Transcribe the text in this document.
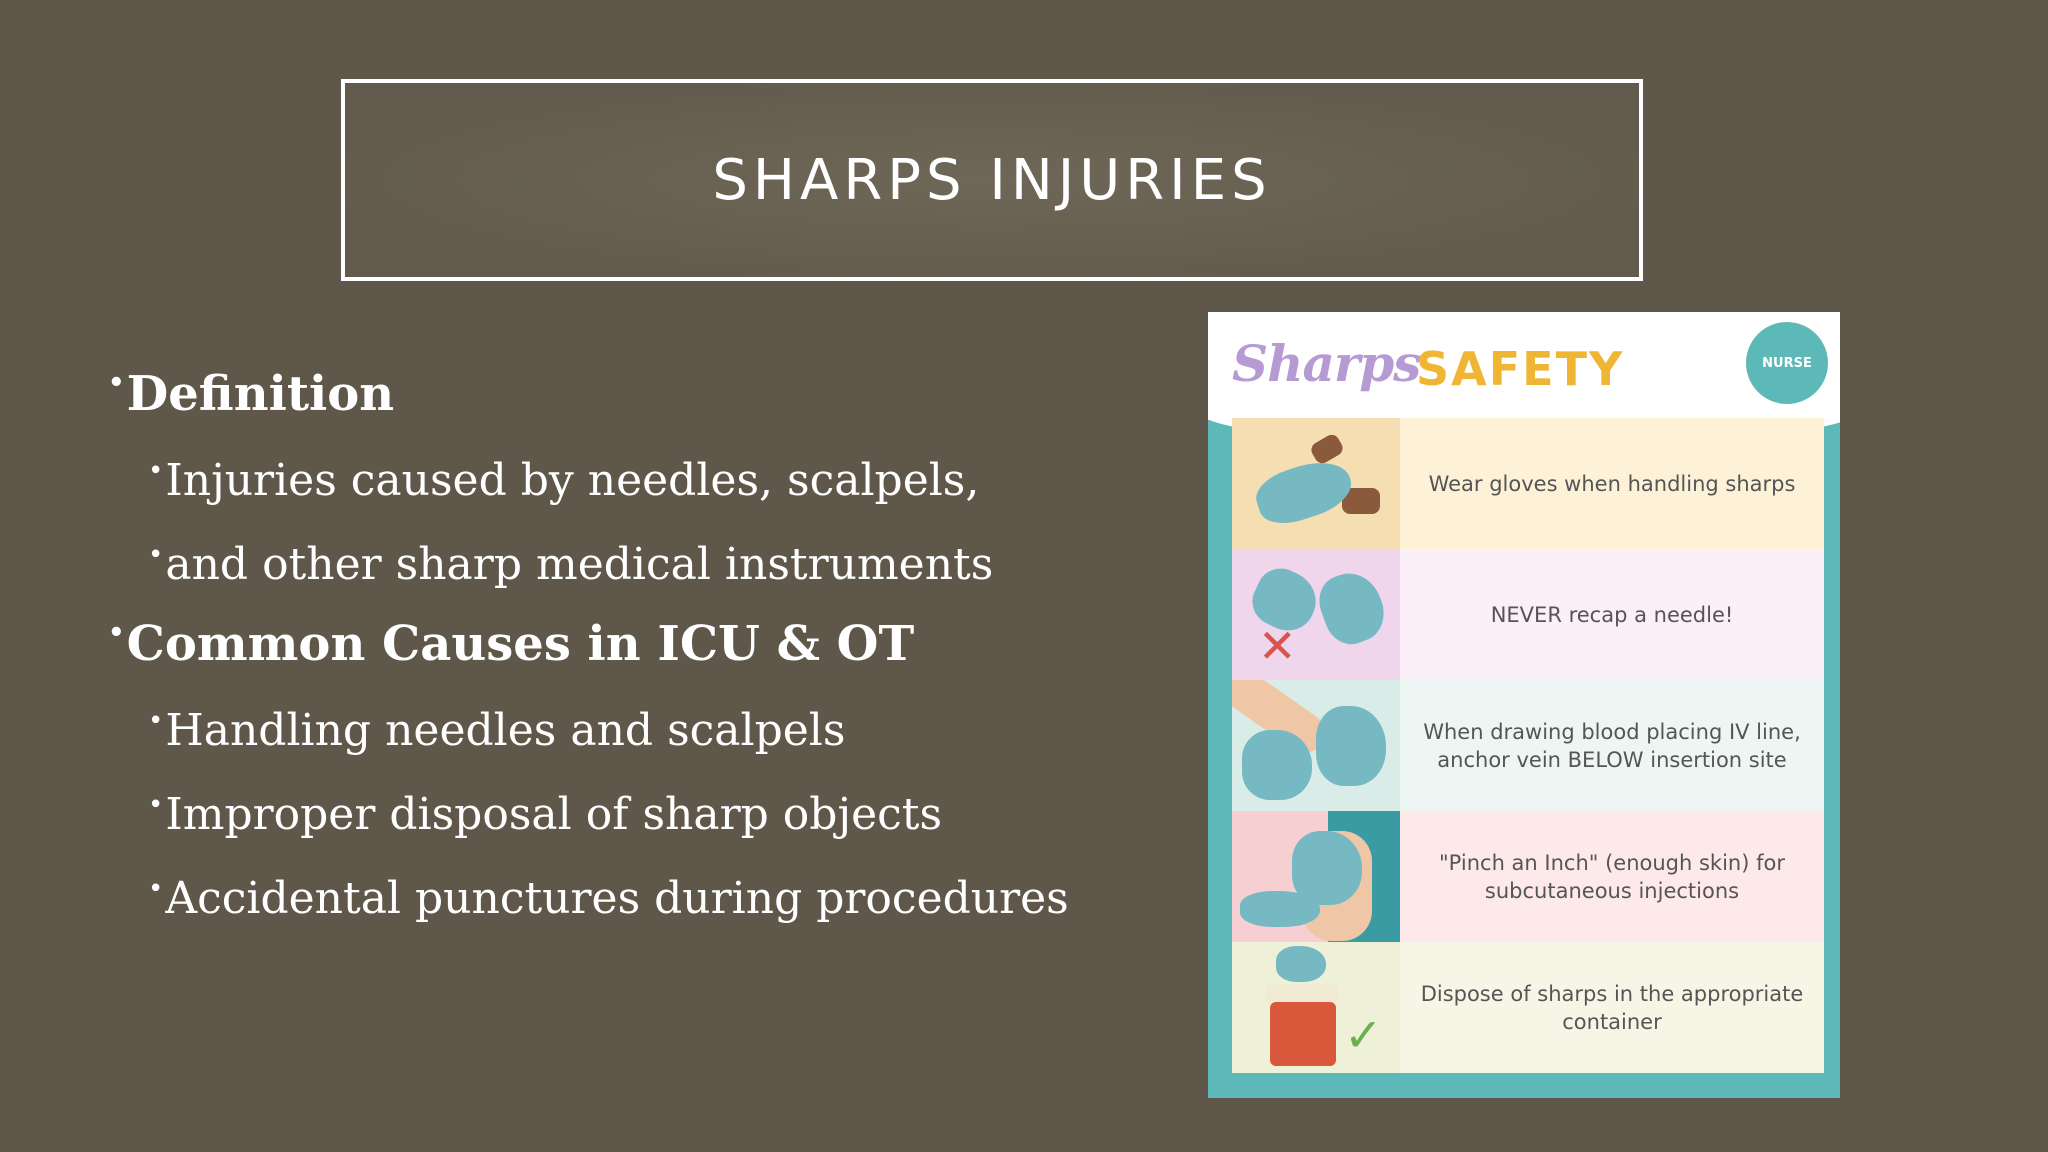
SHARPS INJURIES
• Definition
• Injuries caused by needles, scalpels,
• and other sharp medical instruments
• Common Causes in ICU & OT
• Handling needles and scalpels
• Improper disposal of sharp objects
• Accidental punctures during procedures
Sharps
SAFETY	NURSE
Wear gloves when handling sharps
✕
NEVER recap a needle!
When drawing blood placing IV line, anchor vein BELOW insertion site
"Pinch an Inch" (enough skin) for subcutaneous injections
✓
Dispose of sharps in the appropriate container
